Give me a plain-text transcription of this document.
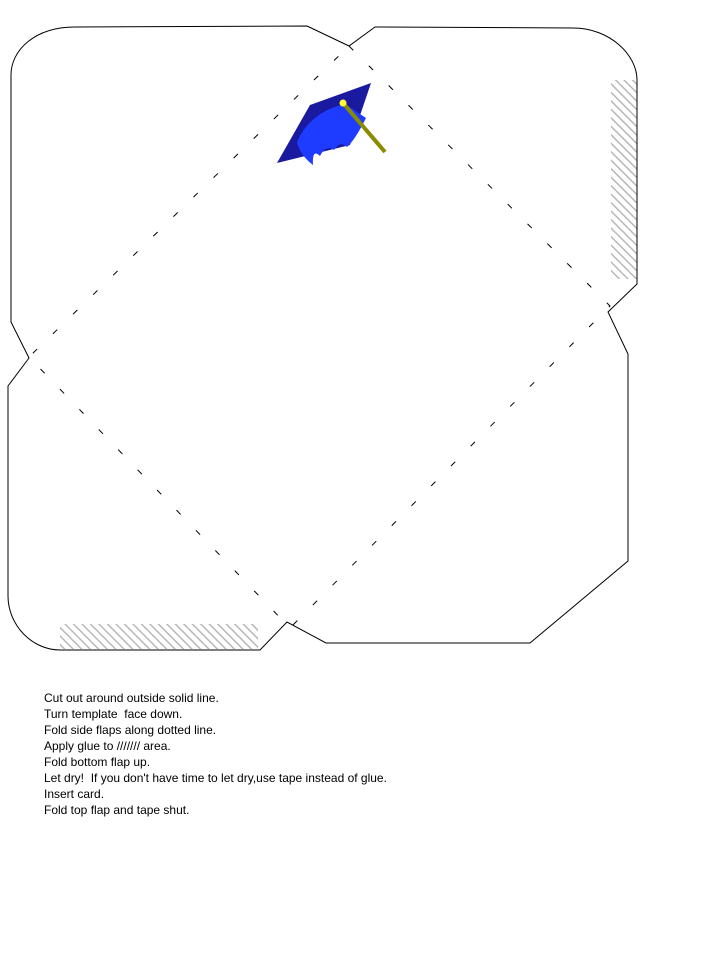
Cut out around outside solid line.
Turn template  face down.
Fold side flaps along dotted line.
Apply glue to /////// area.
Fold bottom flap up.
Let dry!  If you don't have time to let dry,use tape instead of glue.
Insert card.
Fold top flap and tape shut.
